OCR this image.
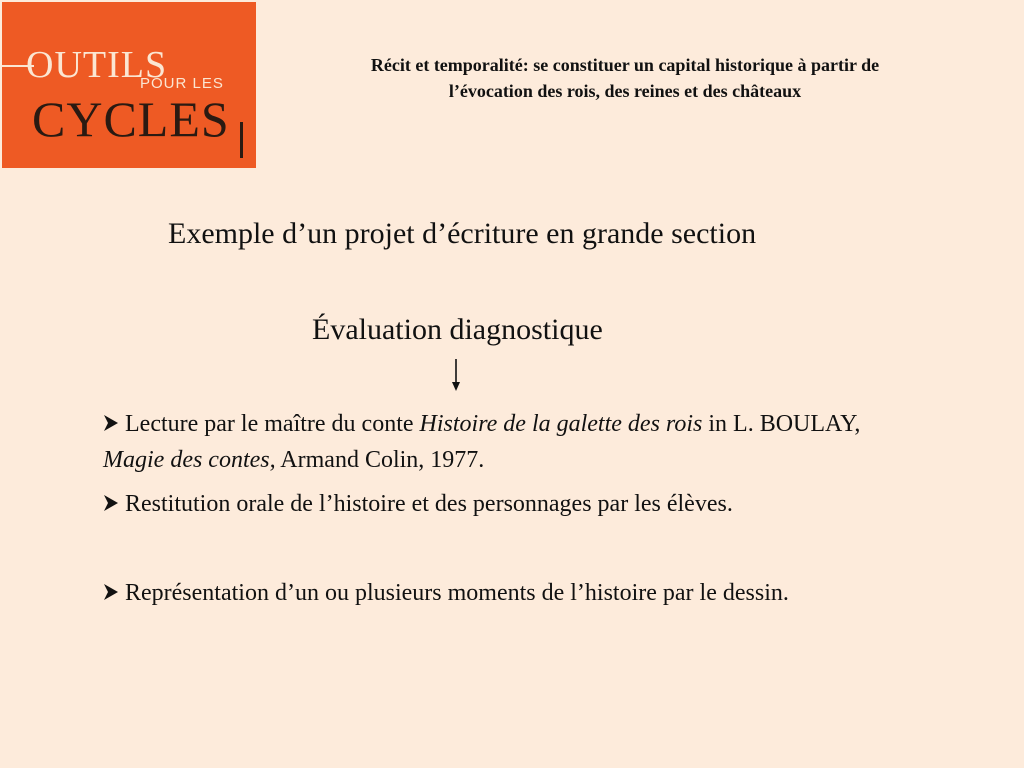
OUTILS
POUR LES
CYCLES
Récit et temporalité: se constituer un capital historique à partir de
l’évocation des rois, des reines et des châteaux
Exemple d’un projet d’écriture en grande section
Évaluation diagnostique
Lecture par le maître du conte Histoire de la galette des rois in L. BOULAY, Magie des contes, Armand Colin, 1977.
Restitution orale de l’histoire et des personnages par les élèves.
Représentation d’un ou plusieurs moments de l’histoire par le dessin.
